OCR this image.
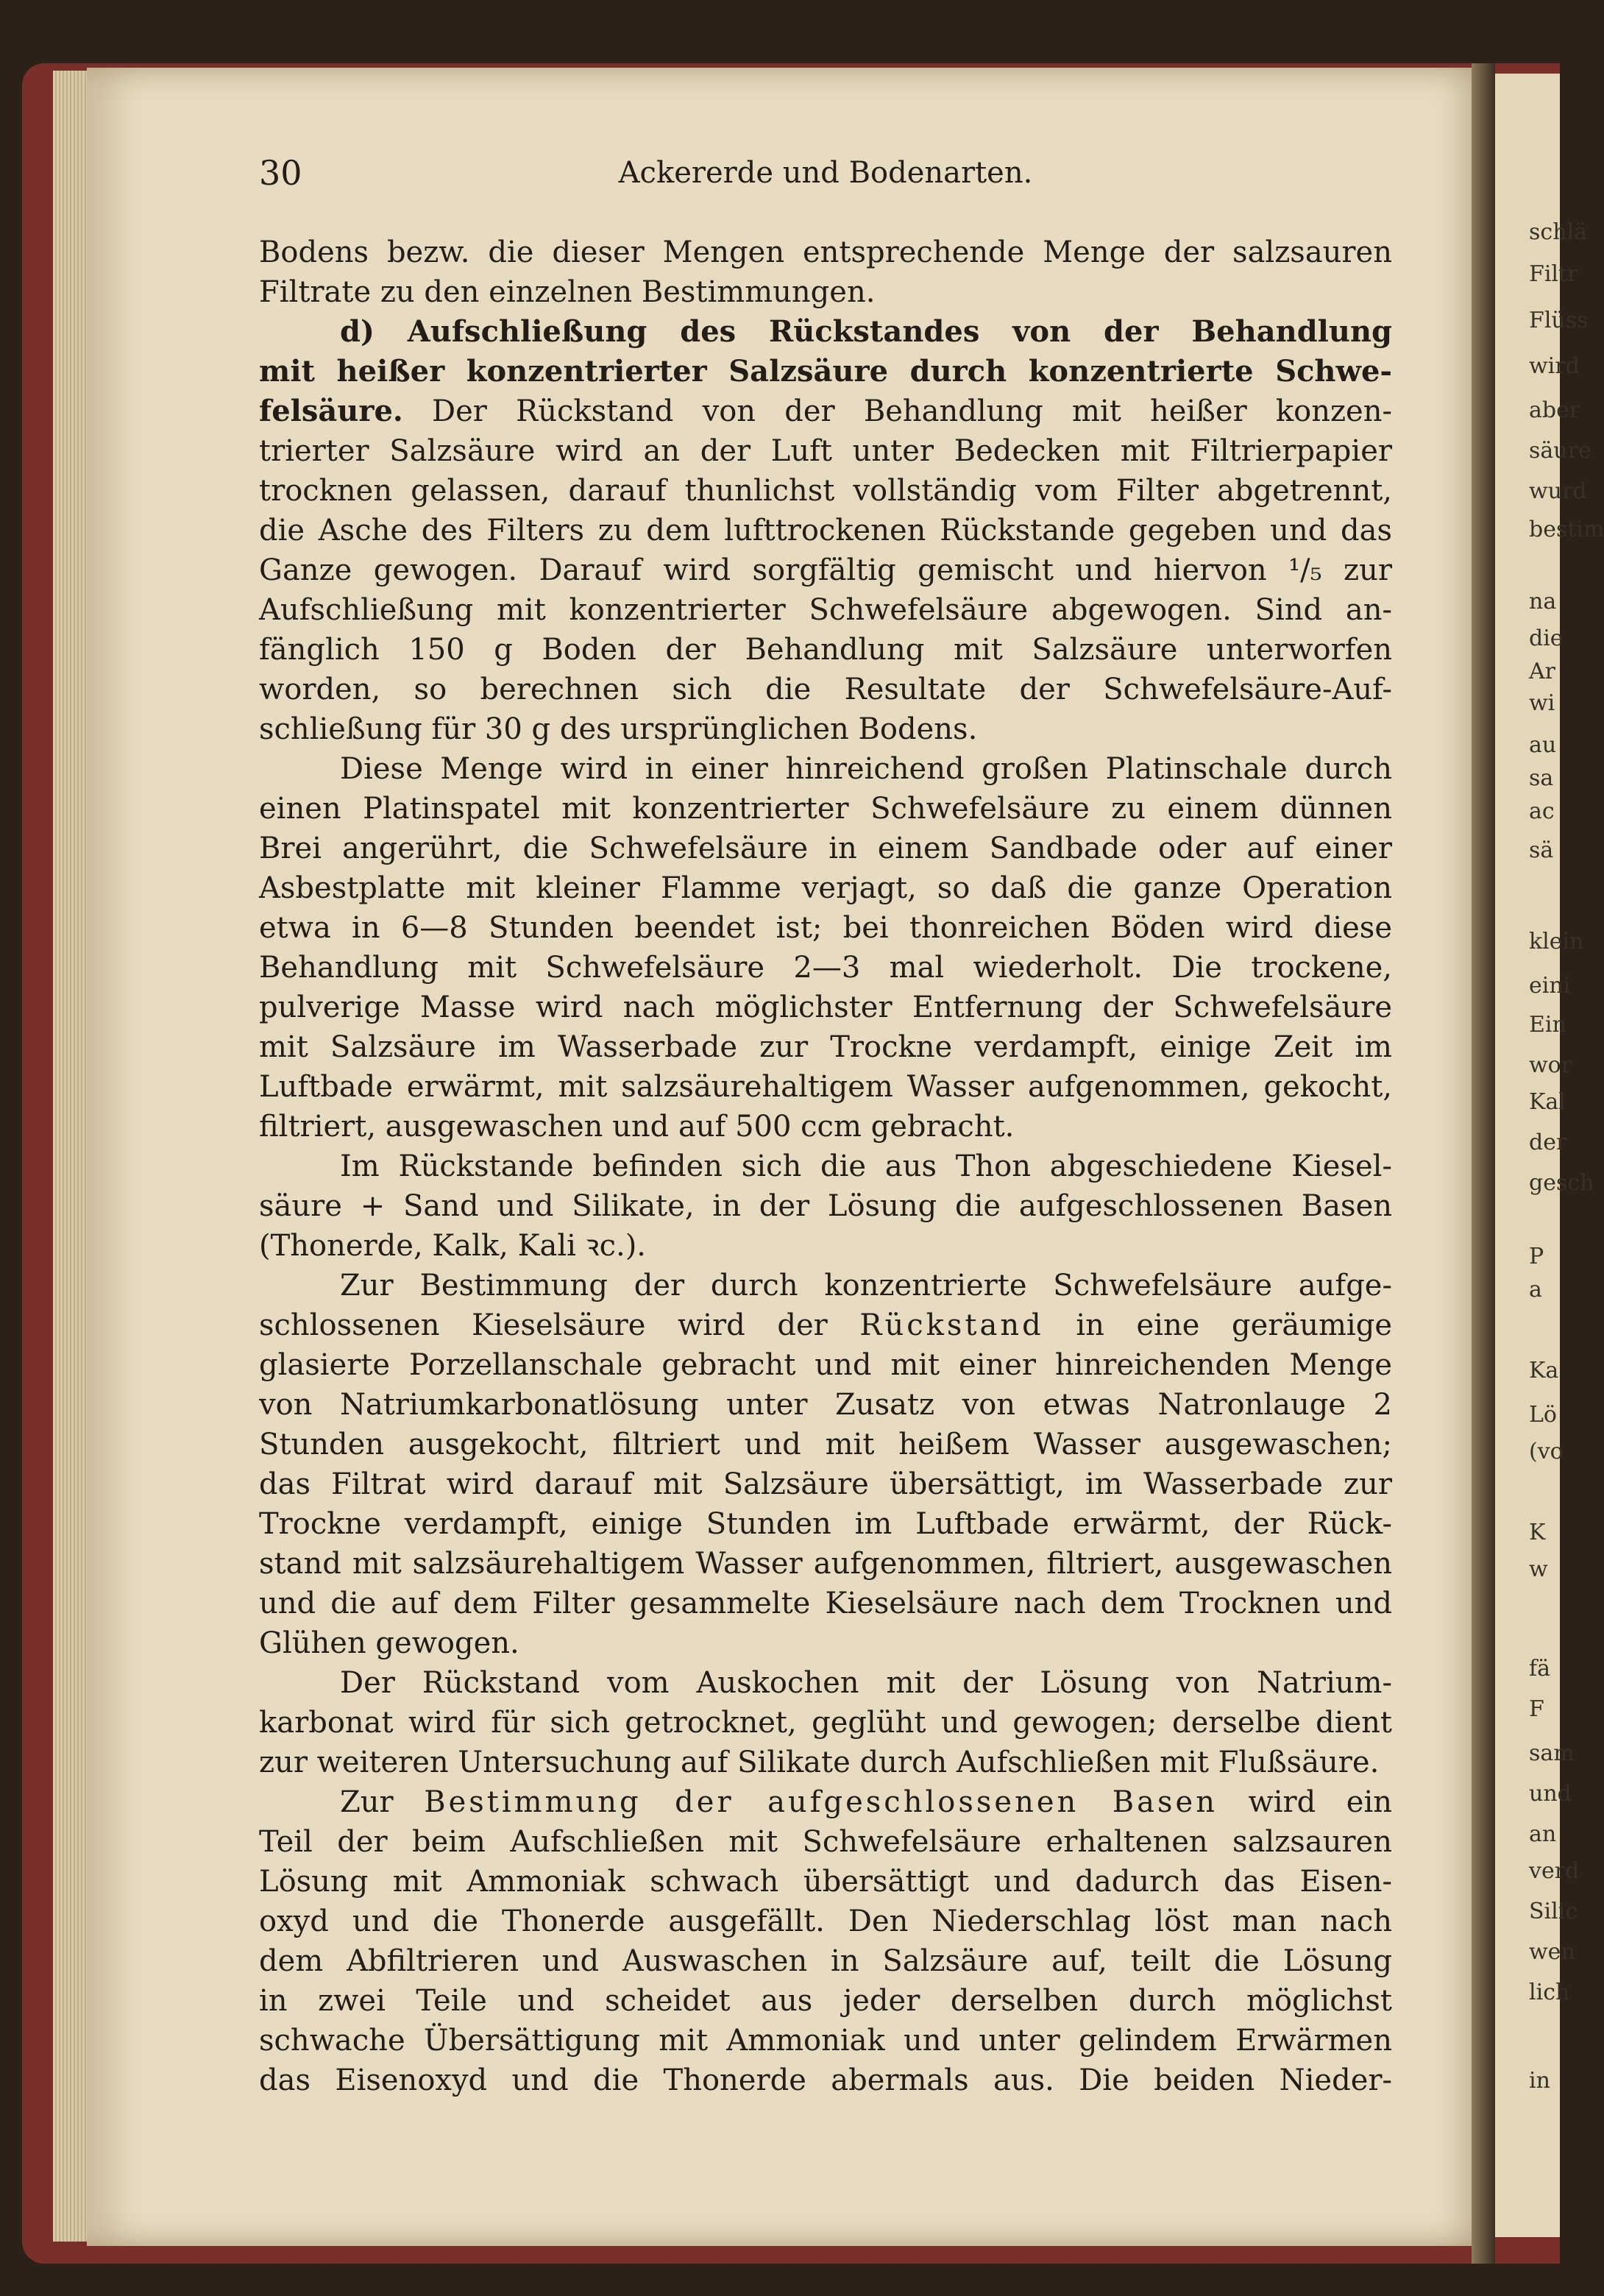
schlä
Filtr
Flüss
wird
aber
säure
wurd
bestim
na
die
Ar
wi
au
sa
ac
sä
klein
eini
Ein
wor
Kal
der
gesch
P
a
Ka
Lö
(vo
K
w
fä
F
sam
und
an
verd
Silic
wen
lich
in
30	Ackererde und Bodenarten.
Bodens bezw. die dieser Mengen entsprechende Menge der salzsauren
Filtrate zu den einzelnen Bestimmungen.
d) Aufschließung des Rückstandes von der Behandlung
mit heißer konzentrierter Salzsäure durch konzentrierte Schwe-
felsäure. Der Rückstand von der Behandlung mit heißer konzen-
trierter Salzsäure wird an der Luft unter Bedecken mit Filtrierpapier
trocknen gelassen, darauf thunlichst vollständig vom Filter abgetrennt,
die Asche des Filters zu dem lufttrockenen Rückstande gegeben und das
Ganze gewogen. Darauf wird sorgfältig gemischt und hiervon ¹/₅ zur
Aufschließung mit konzentrierter Schwefelsäure abgewogen. Sind an-
fänglich 150 g Boden der Behandlung mit Salzsäure unterworfen
worden, so berechnen sich die Resultate der Schwefelsäure-Auf-
schließung für 30 g des ursprünglichen Bodens.
Diese Menge wird in einer hinreichend großen Platinschale durch
einen Platinspatel mit konzentrierter Schwefelsäure zu einem dünnen
Brei angerührt, die Schwefelsäure in einem Sandbade oder auf einer
Asbestplatte mit kleiner Flamme verjagt, so daß die ganze Operation
etwa in 6—8 Stunden beendet ist; bei thonreichen Böden wird diese
Behandlung mit Schwefelsäure 2—3 mal wiederholt. Die trockene,
pulverige Masse wird nach möglichster Entfernung der Schwefelsäure
mit Salzsäure im Wasserbade zur Trockne verdampft, einige Zeit im
Luftbade erwärmt, mit salzsäurehaltigem Wasser aufgenommen, gekocht,
filtriert, ausgewaschen und auf 500 ccm gebracht.
Im Rückstande befinden sich die aus Thon abgeschiedene Kiesel-
säure + Sand und Silikate, in der Lösung die aufgeschlossenen Basen
(Thonerde, Kalk, Kali ꝛc.).
Zur Bestimmung der durch konzentrierte Schwefelsäure aufge-
schlossenen Kieselsäure wird der Rückstand in eine geräumige
glasierte Porzellanschale gebracht und mit einer hinreichenden Menge
von Natriumkarbonatlösung unter Zusatz von etwas Natronlauge 2
Stunden ausgekocht, filtriert und mit heißem Wasser ausgewaschen;
das Filtrat wird darauf mit Salzsäure übersättigt, im Wasserbade zur
Trockne verdampft, einige Stunden im Luftbade erwärmt, der Rück-
stand mit salzsäurehaltigem Wasser aufgenommen, filtriert, ausgewaschen
und die auf dem Filter gesammelte Kieselsäure nach dem Trocknen und
Glühen gewogen.
Der Rückstand vom Auskochen mit der Lösung von Natrium-
karbonat wird für sich getrocknet, geglüht und gewogen; derselbe dient
zur weiteren Untersuchung auf Silikate durch Aufschließen mit Flußsäure.
Zur Bestimmung der aufgeschlossenen Basen wird ein
Teil der beim Aufschließen mit Schwefelsäure erhaltenen salzsauren
Lösung mit Ammoniak schwach übersättigt und dadurch das Eisen-
oxyd und die Thonerde ausgefällt. Den Niederschlag löst man nach
dem Abfiltrieren und Auswaschen in Salzsäure auf, teilt die Lösung
in zwei Teile und scheidet aus jeder derselben durch möglichst
schwache Übersättigung mit Ammoniak und unter gelindem Erwärmen
das Eisenoxyd und die Thonerde abermals aus. Die beiden Nieder-
